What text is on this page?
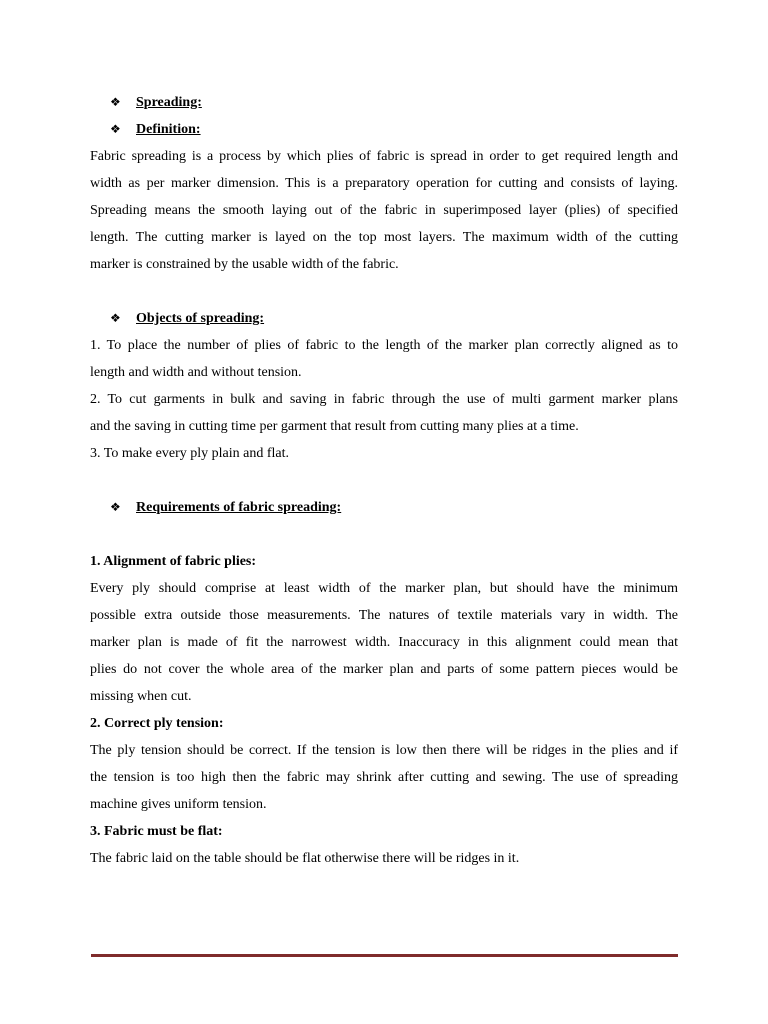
❖ Spreading:
❖ Definition:
Fabric spreading is a process by which plies of fabric is spread in order to get required length and
width as per marker dimension. This is a preparatory operation for cutting and consists of laying.
Spreading means the smooth laying out of the fabric in superimposed layer (plies) of specified
length. The cutting marker is layed on the top most layers. The maximum width of the cutting
marker is constrained by the usable width of the fabric.
❖ Objects of spreading:
1. To place the number of plies of fabric to the length of the marker plan correctly aligned as to
length and width and without tension.
2. To cut garments in bulk and saving in fabric through the use of multi garment marker plans
and the saving in cutting time per garment that result from cutting many plies at a time.
3. To make every ply plain and flat.
❖ Requirements of fabric spreading:
1. Alignment of fabric plies:
Every ply should comprise at least width of the marker plan, but should have the minimum
possible extra outside those measurements. The natures of textile materials vary in width. The
marker plan is made of fit the narrowest width. Inaccuracy in this alignment could mean that
plies do not cover the whole area of the marker plan and parts of some pattern pieces would be
missing when cut.
2. Correct ply tension:
The ply tension should be correct. If the tension is low then there will be ridges in the plies and if
the tension is too high then the fabric may shrink after cutting and sewing. The use of spreading
machine gives uniform tension.
3. Fabric must be flat:
The fabric laid on the table should be flat otherwise there will be ridges in it.
